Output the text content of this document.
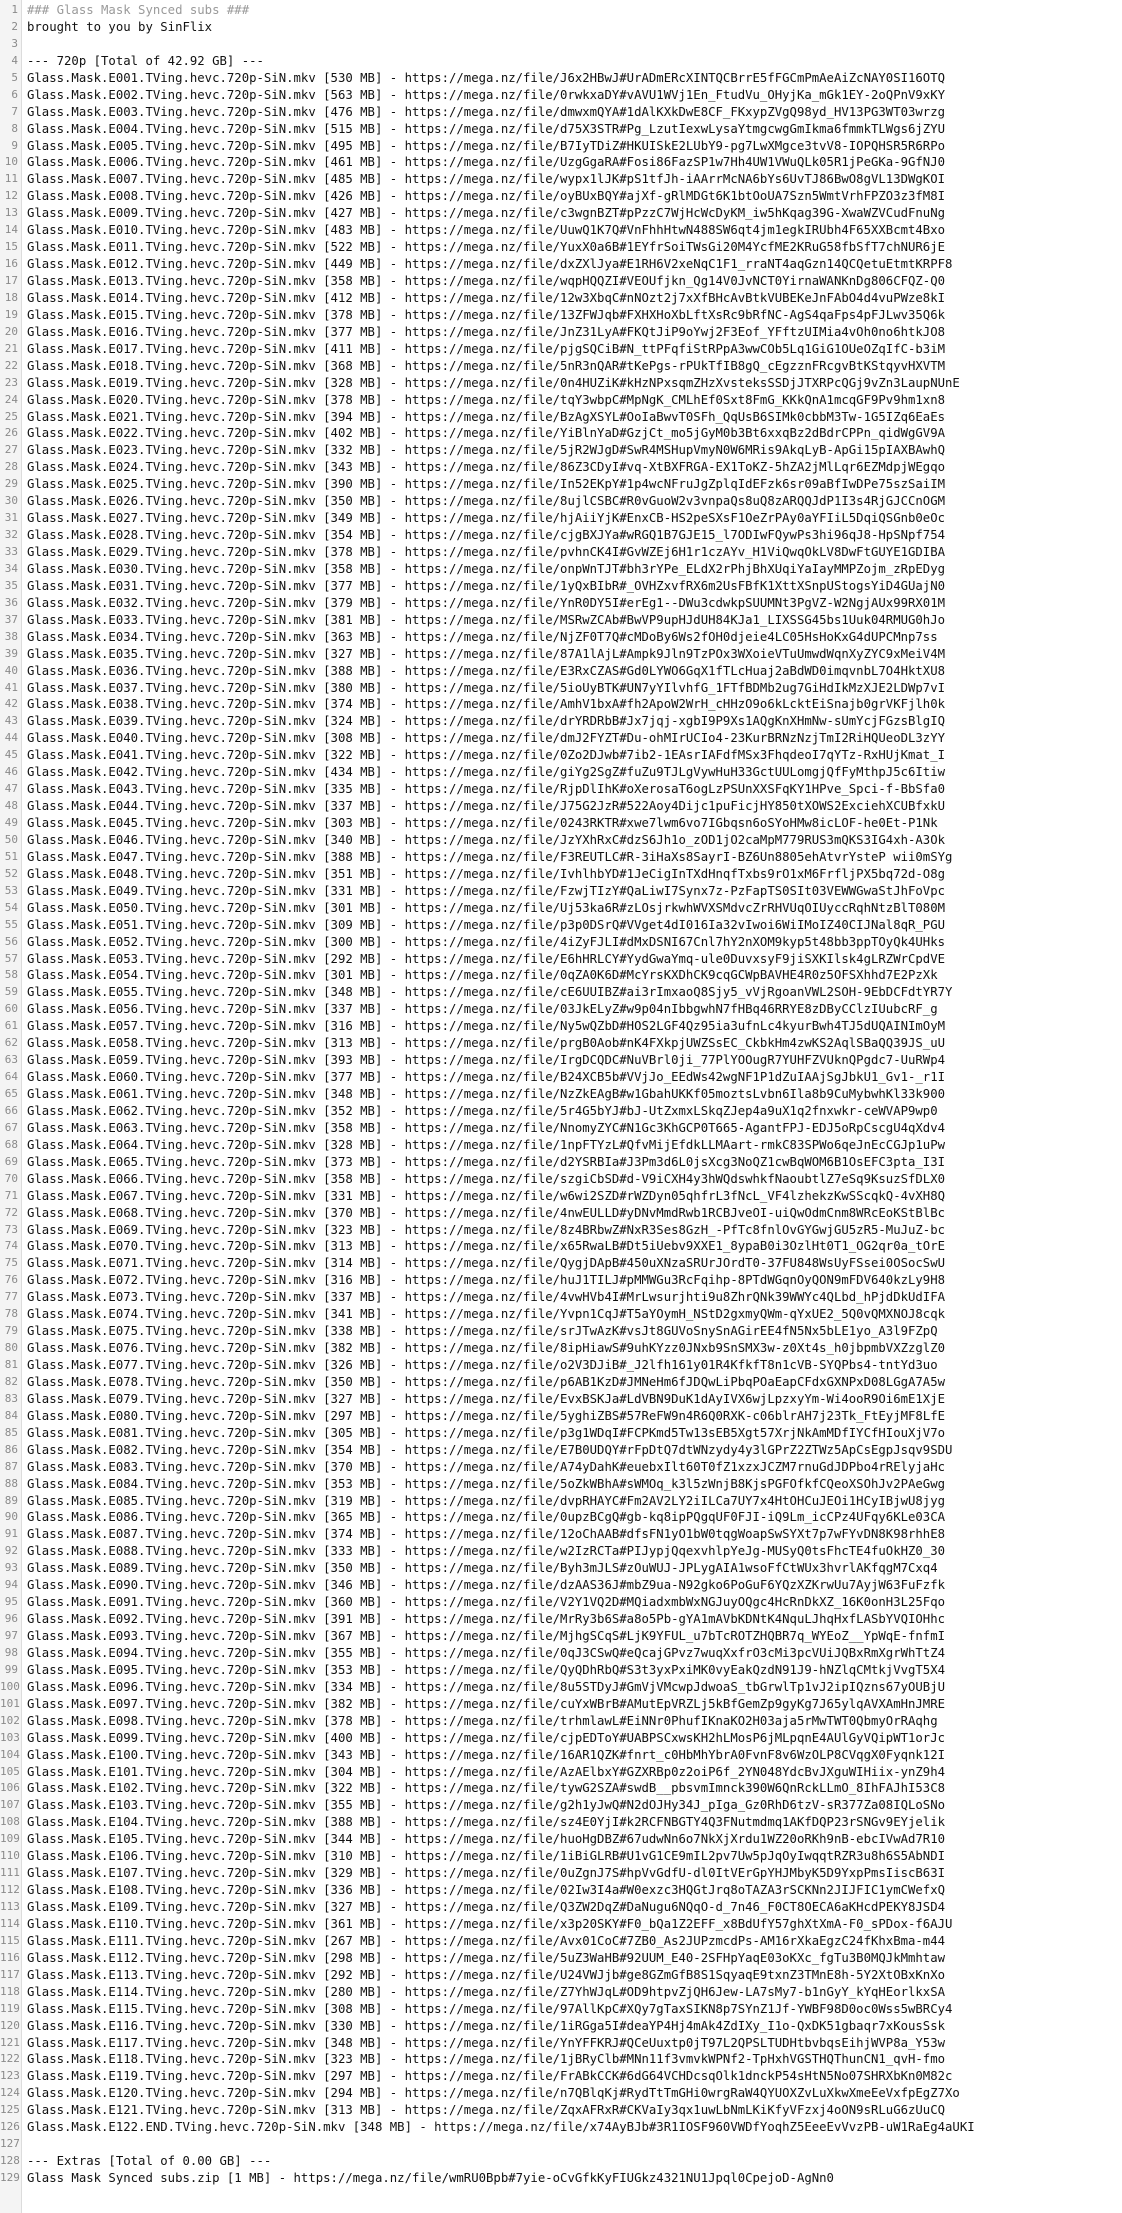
1 ### Glass Mask Synced subs ###
2 brought to you by SinFlix
3
4 --- 720p [Total of 42.92 GB] ---
5 Glass.Mask.E001.TVing.hevc.720p-SiN.mkv [530 MB] - https://mega.nz/file/J6x2HBwJ#UrADmERcXINTQCBrrE5fFGCmPmAeAiZcNAY0SI16OTQ
6 Glass.Mask.E002.TVing.hevc.720p-SiN.mkv [563 MB] - https://mega.nz/file/0rwkxaDY#vAVU1WVj1En_FtudVu_OHyjKa_mGk1EY-2oQPnV9xKY
7 Glass.Mask.E003.TVing.hevc.720p-SiN.mkv [476 MB] - https://mega.nz/file/dmwxmQYA#1dAlKXkDwE8CF_FKxypZVgQ98yd_HV13PG3WT03wrzg
8 Glass.Mask.E004.TVing.hevc.720p-SiN.mkv [515 MB] - https://mega.nz/file/d75X3STR#Pg_LzutIexwLysaYtmgcwgGmIkma6fmmkTLWgs6jZYU
9 Glass.Mask.E005.TVing.hevc.720p-SiN.mkv [495 MB] - https://mega.nz/file/B7IyTDiZ#HKUISkE2LUbY9-pg7LwXMgce3tvV8-IOPQHSR5R6RPo
10 Glass.Mask.E006.TVing.hevc.720p-SiN.mkv [461 MB] - https://mega.nz/file/UzgGgaRA#Fosi86FazSP1w7Hh4UW1VWuQLk05R1jPeGKa-9GfNJ0
11 Glass.Mask.E007.TVing.hevc.720p-SiN.mkv [485 MB] - https://mega.nz/file/wypx1lJK#pS1tfJh-iAArrMcNA6bYs6UvTJ86BwO8gVL13DWgKOI
12 Glass.Mask.E008.TVing.hevc.720p-SiN.mkv [426 MB] - https://mega.nz/file/oyBUxBQY#ajXf-gRlMDGt6K1btOoUA7Szn5WmtVrhFPZO3z3fM8I
13 Glass.Mask.E009.TVing.hevc.720p-SiN.mkv [427 MB] - https://mega.nz/file/c3wgnBZT#pPzzC7WjHcWcDyKM_iw5hKqag39G-XwaWZVCudFnuNg
14 Glass.Mask.E010.TVing.hevc.720p-SiN.mkv [483 MB] - https://mega.nz/file/UuwQ1K7Q#VnFhhHtwN488SW6qt4jm1egkIRUbh4F65XXBcmt4Bxo
15 Glass.Mask.E011.TVing.hevc.720p-SiN.mkv [522 MB] - https://mega.nz/file/YuxX0a6B#1EYfrSoiTWsGi20M4YcfME2KRuG58fbSfT7chNUR6jE
16 Glass.Mask.E012.TVing.hevc.720p-SiN.mkv [449 MB] - https://mega.nz/file/dxZXlJya#E1RH6V2xeNqC1F1_rraNT4aqGzn14QCQetuEtmtKRPF8
17 Glass.Mask.E013.TVing.hevc.720p-SiN.mkv [358 MB] - https://mega.nz/file/wqpHQQZI#VEOUfjkn_Qg14V0JvNCT0YirnaWANKnDg806CFQZ-Q0
18 Glass.Mask.E014.TVing.hevc.720p-SiN.mkv [412 MB] - https://mega.nz/file/12w3XbqC#nNOzt2j7xXfBHcAvBtkVUBEKeJnFAbO4d4vuPWze8kI
19 Glass.Mask.E015.TVing.hevc.720p-SiN.mkv [378 MB] - https://mega.nz/file/13ZFWJqb#FXHXHoXbLftXsRc9bRfNC-AgS4qaFps4pFJLwv35Q6k
20 Glass.Mask.E016.TVing.hevc.720p-SiN.mkv [377 MB] - https://mega.nz/file/JnZ31LyA#FKQtJiP9oYwj2F3Eof_YFftzUIMia4vOh0no6htkJO8
21 Glass.Mask.E017.TVing.hevc.720p-SiN.mkv [411 MB] - https://mega.nz/file/pjgSQCiB#N_ttPFqfiStRPpA3wwCOb5Lq1GiG1OUeOZqIfC-b3iM
22 Glass.Mask.E018.TVing.hevc.720p-SiN.mkv [368 MB] - https://mega.nz/file/5nR3nQAR#tKePgs-rPUkTfIB8gQ_cEgzznFRcgvBtKStqyvHXVTM
23 Glass.Mask.E019.TVing.hevc.720p-SiN.mkv [328 MB] - https://mega.nz/file/0n4HUZiK#kHzNPxsqmZHzXvsteksSSDjJTXRPcQGj9vZn3LaupNUnE
24 Glass.Mask.E020.TVing.hevc.720p-SiN.mkv [378 MB] - https://mega.nz/file/tqY3wbpC#MpNgK_CMLhEf0Sxt8FmG_KKkQnA1mcqGF9Pv9hm1xn8
25 Glass.Mask.E021.TVing.hevc.720p-SiN.mkv [394 MB] - https://mega.nz/file/BzAgXSYL#OoIaBwvT0SFh_QqUsB6SIMk0cbbM3Tw-1G5IZq6EaEs
26 Glass.Mask.E022.TVing.hevc.720p-SiN.mkv [402 MB] - https://mega.nz/file/YiBlnYaD#GzjCt_mo5jGyM0b3Bt6xxqBz2dBdrCPPn_qidWgGV9A
27 Glass.Mask.E023.TVing.hevc.720p-SiN.mkv [332 MB] - https://mega.nz/file/5jR2WJgD#SwR4MSHupVmyN0W6MRis9AkqLyB-ApGi15pIAXBAwhQ
28 Glass.Mask.E024.TVing.hevc.720p-SiN.mkv [343 MB] - https://mega.nz/file/86Z3CDyI#vq-XtBXFRGA-EX1ToKZ-5hZA2jMlLqr6EZMdpjWEgqo
29 Glass.Mask.E025.TVing.hevc.720p-SiN.mkv [390 MB] - https://mega.nz/file/In52EKpY#1p4wcNFruJgZplqIdEFzk6sr09aBfIwDPe75szSaiIM
30 Glass.Mask.E026.TVing.hevc.720p-SiN.mkv [350 MB] - https://mega.nz/file/8ujlCSBC#R0vGuoW2v3vnpaQs8uQ8zARQQJdP1I3s4RjGJCCnOGM
31 Glass.Mask.E027.TVing.hevc.720p-SiN.mkv [349 MB] - https://mega.nz/file/hjAiiYjK#EnxCB-HS2peSXsF1OeZrPAy0aYFIiL5DqiQSGnb0eOc
32 Glass.Mask.E028.TVing.hevc.720p-SiN.mkv [354 MB] - https://mega.nz/file/cjgBXJYa#wRGQ1B7GJE15_l7ODIwFQywPs3hi96qJ8-HpSNpf754
33 Glass.Mask.E029.TVing.hevc.720p-SiN.mkv [378 MB] - https://mega.nz/file/pvhnCK4I#GvWZEj6H1r1czAYv_H1ViQwqOkLV8DwFtGUYE1GDIBA
34 Glass.Mask.E030.TVing.hevc.720p-SiN.mkv [358 MB] - https://mega.nz/file/onpWnTJT#bh3rYPe_ELdX2rPhjBhXUqiYaIayMMPZojm_zRpEDyg
35 Glass.Mask.E031.TVing.hevc.720p-SiN.mkv [377 MB] - https://mega.nz/file/1yQxBIbR#_OVHZxvfRX6m2UsFBfK1XttXSnpUStogsYiD4GUajN0
36 Glass.Mask.E032.TVing.hevc.720p-SiN.mkv [379 MB] - https://mega.nz/file/YnR0DY5I#erEg1--DWu3cdwkpSUUMNt3PgVZ-W2NgjAUx99RX01M
37 Glass.Mask.E033.TVing.hevc.720p-SiN.mkv [381 MB] - https://mega.nz/file/MSRwZCAb#BwVP9upHJdUH84KJa1_LIXSSG45bs1Uuk04RMUG0hJo
38 Glass.Mask.E034.TVing.hevc.720p-SiN.mkv [363 MB] - https://mega.nz/file/NjZF0T7Q#cMDoBy6Ws2fOH0djeie4LC05HsHoKxG4dUPCMnp7ss
39 Glass.Mask.E035.TVing.hevc.720p-SiN.mkv [327 MB] - https://mega.nz/file/87A1lAjL#Ampk9Jln9TzPOx3WXoieVTuUmwdWqnXyZYC9xMeiV4M
40 Glass.Mask.E036.TVing.hevc.720p-SiN.mkv [388 MB] - https://mega.nz/file/E3RxCZAS#Gd0LYWO6GqX1fTLcHuaj2aBdWD0imqvnbL7O4HktXU8
41 Glass.Mask.E037.TVing.hevc.720p-SiN.mkv [380 MB] - https://mega.nz/file/5ioUyBTK#UN7yYIlvhfG_1FTfBDMb2ug7GiHdIkMzXJE2LDWp7vI
42 Glass.Mask.E038.TVing.hevc.720p-SiN.mkv [374 MB] - https://mega.nz/file/AmhV1bxA#fh2ApoW2WrH_cHHzO9o6kLcktEiSnajb0grVKFjlh0k
43 Glass.Mask.E039.TVing.hevc.720p-SiN.mkv [324 MB] - https://mega.nz/file/drYRDRbB#Jx7jqj-xgbI9P9Xs1AQgKnXHmNw-sUmYcjFGzsBlgIQ
44 Glass.Mask.E040.TVing.hevc.720p-SiN.mkv [308 MB] - https://mega.nz/file/dmJ2FYZT#Du-ohMIrUCIo4-23KurBRNzNzjTmI2RiHQUeoDL3zYY
45 Glass.Mask.E041.TVing.hevc.720p-SiN.mkv [322 MB] - https://mega.nz/file/0Zo2DJwb#7ib2-1EAsrIAFdfMSx3FhqdeoI7qYTz-RxHUjKmat_I
46 Glass.Mask.E042.TVing.hevc.720p-SiN.mkv [434 MB] - https://mega.nz/file/giYg2SgZ#fuZu9TJLgVywHuH33GctUULomgjQfFyMthpJ5c6Itiw
47 Glass.Mask.E043.TVing.hevc.720p-SiN.mkv [335 MB] - https://mega.nz/file/RjpDlIhK#oXerosaT6ogLzPSUnXXSFqKY1HPve_Spci-f-BbSfa0
48 Glass.Mask.E044.TVing.hevc.720p-SiN.mkv [337 MB] - https://mega.nz/file/J75G2JzR#522Aoy4Dijc1puFicjHY850tXOWS2ExciehXCUBfxkU
49 Glass.Mask.E045.TVing.hevc.720p-SiN.mkv [303 MB] - https://mega.nz/file/0243RKTR#xwe7lwm6vo7IGbqsn6oSYoHMw8icLOF-he0Et-P1Nk
50 Glass.Mask.E046.TVing.hevc.720p-SiN.mkv [340 MB] - https://mega.nz/file/JzYXhRxC#dzS6Jh1o_zOD1jO2caMpM779RUS3mQKS3IG4xh-A3Ok
51 Glass.Mask.E047.TVing.hevc.720p-SiN.mkv [388 MB] - https://mega.nz/file/F3REUTLC#R-3iHaXs8SayrI-BZ6Un8805ehAtvrYsteP wii0mSYg
52 Glass.Mask.E048.TVing.hevc.720p-SiN.mkv [351 MB] - https://mega.nz/file/IvhlhbYD#1JeCigInTXdHnqfTxbs9rO1xM6FrfljPX5bq72d-O8g
53 Glass.Mask.E049.TVing.hevc.720p-SiN.mkv [331 MB] - https://mega.nz/file/FzwjTIzY#QaLiwI7Synx7z-PzFapTS0SIt03VEWWGwaStJhFoVpc
54 Glass.Mask.E050.TVing.hevc.720p-SiN.mkv [301 MB] - https://mega.nz/file/Uj53ka6R#zLOsjrkwhWVXSMdvcZrRHVUqOIUyccRqhNtzBlT080M
55 Glass.Mask.E051.TVing.hevc.720p-SiN.mkv [309 MB] - https://mega.nz/file/p3p0DSrQ#VVget4dI016Ia32vIwoi6WiIMoIZ40CIJNal8qR_PGU
56 Glass.Mask.E052.TVing.hevc.720p-SiN.mkv [300 MB] - https://mega.nz/file/4iZyFJLI#dMxDSNI67Cnl7hY2nXOM9kyp5t48bb3ppTOyQk4UHks
57 Glass.Mask.E053.TVing.hevc.720p-SiN.mkv [292 MB] - https://mega.nz/file/E6hHRLCY#YydGwaYmq-ule0DuvxsyF9jiSXKIlsk4gLRZWrCpdVE
58 Glass.Mask.E054.TVing.hevc.720p-SiN.mkv [301 MB] - https://mega.nz/file/0qZA0K6D#McYrsKXDhCK9cqGCWpBAVHE4R0z5OFSXhhd7E2PzXk
59 Glass.Mask.E055.TVing.hevc.720p-SiN.mkv [348 MB] - https://mega.nz/file/cE6UUIBZ#ai3rImxaoQ8Sjy5_vVjRgoanVWL2SOH-9EbDCFdtYR7Y
60 Glass.Mask.E056.TVing.hevc.720p-SiN.mkv [337 MB] - https://mega.nz/file/03JkELyZ#w9p04nIbbgwhN7fHBq46RRYE8zDByCClzIUubcRF_g
61 Glass.Mask.E057.TVing.hevc.720p-SiN.mkv [316 MB] - https://mega.nz/file/Ny5wQZbD#HOS2LGF4Qz95ia3ufnLc4kyurBwh4TJ5dUQAINImOyM
62 Glass.Mask.E058.TVing.hevc.720p-SiN.mkv [313 MB] - https://mega.nz/file/prgB0Aob#nK4FXkpjUWZSsEC_CkbkHm4zwKS2AqlSBaQQ39JS_uU
63 Glass.Mask.E059.TVing.hevc.720p-SiN.mkv [393 MB] - https://mega.nz/file/IrgDCQDC#NuVBrl0ji_77PlYOOugR7YUHFZVUknQPgdc7-UuRWp4
64 Glass.Mask.E060.TVing.hevc.720p-SiN.mkv [377 MB] - https://mega.nz/file/B24XCB5b#VVjJo_EEdWs42wgNF1P1dZuIAAjSgJbkU1_Gv1-_r1I
65 Glass.Mask.E061.TVing.hevc.720p-SiN.mkv [348 MB] - https://mega.nz/file/NzZkEAgB#w1GbahUKKf05moztsLvbn6Ila8b9CuMybwhKl33k900
66 Glass.Mask.E062.TVing.hevc.720p-SiN.mkv [352 MB] - https://mega.nz/file/5r4G5bYJ#bJ-UtZxmxLSkqZJep4a9uX1q2fnxwkr-ceWVAP9wp0
67 Glass.Mask.E063.TVing.hevc.720p-SiN.mkv [358 MB] - https://mega.nz/file/NnomyZYC#N1Gc3KhGCP0T665-AgantFPJ-EDJ5oRpCscgU4qXdv4
68 Glass.Mask.E064.TVing.hevc.720p-SiN.mkv [328 MB] - https://mega.nz/file/1npFTYzL#QfvMijEfdkLLMAart-rmkC83SPWo6qeJnEcCGJp1uPw
69 Glass.Mask.E065.TVing.hevc.720p-SiN.mkv [373 MB] - https://mega.nz/file/d2YSRBIa#J3Pm3d6L0jsXcg3NoQZ1cwBqWOM6B1OsEFC3pta_I3I
70 Glass.Mask.E066.TVing.hevc.720p-SiN.mkv [358 MB] - https://mega.nz/file/szgiCbSD#d-V9iCXH4y3hWQdswhkfNaoubtlZ7eSq9KsuzSfDLX0
71 Glass.Mask.E067.TVing.hevc.720p-SiN.mkv [331 MB] - https://mega.nz/file/w6wi2SZD#rWZDyn05qhfrL3fNcL_VF4lzhekzKwSScqkQ-4vXH8Q
72 Glass.Mask.E068.TVing.hevc.720p-SiN.mkv [370 MB] - https://mega.nz/file/4nwEULLD#yDNvMmdRwb1RCBJveOI-uiQwOdmCnm8WRcEoKStBlBc
73 Glass.Mask.E069.TVing.hevc.720p-SiN.mkv [323 MB] - https://mega.nz/file/8z4BRbwZ#NxR3Ses8GzH_-PfTc8fnlOvGYGwjGU5zR5-MuJuZ-bc
74 Glass.Mask.E070.TVing.hevc.720p-SiN.mkv [313 MB] - https://mega.nz/file/x65RwaLB#Dt5iUebv9XXE1_8ypaB0i3OzlHt0T1_OG2qr0a_tOrE
75 Glass.Mask.E071.TVing.hevc.720p-SiN.mkv [314 MB] - https://mega.nz/file/QygjDApB#450uXNzaSRUrJOrdT0-37FU848WsUyFSsei0OSocSwU
76 Glass.Mask.E072.TVing.hevc.720p-SiN.mkv [316 MB] - https://mega.nz/file/huJ1TILJ#pMMWGu3RcFqihp-8PTdWGqnOyQON9mFDV640kzLy9H8
77 Glass.Mask.E073.TVing.hevc.720p-SiN.mkv [337 MB] - https://mega.nz/file/4vwHVb4I#MrLwsurjhti9u8ZhrQNk39WWYc4QLbd_hPjdDkUdIFA
78 Glass.Mask.E074.TVing.hevc.720p-SiN.mkv [341 MB] - https://mega.nz/file/Yvpn1CqJ#T5aYOymH_NStD2gxmyQWm-qYxUE2_5Q0vQMXNOJ8cqk
79 Glass.Mask.E075.TVing.hevc.720p-SiN.mkv [338 MB] - https://mega.nz/file/srJTwAzK#vsJt8GUVoSnySnAGirEE4fN5Nx5bLE1yo_A3l9FZpQ
80 Glass.Mask.E076.TVing.hevc.720p-SiN.mkv [382 MB] - https://mega.nz/file/8ipHiawS#9uhKYzz0JNxb9SnSMX3w-z0Xt4s_h0jbpmbVXZzglZ0
81 Glass.Mask.E077.TVing.hevc.720p-SiN.mkv [326 MB] - https://mega.nz/file/o2V3DJiB#_J2lfh161y01R4KfkfT8n1cVB-SYQPbs4-tntYd3uo
82 Glass.Mask.E078.TVing.hevc.720p-SiN.mkv [350 MB] - https://mega.nz/file/p6AB1KzD#JMNeHm6fJDQwLiPbqPOaEapCFdxGXNPxD08LGgA7A5w
83 Glass.Mask.E079.TVing.hevc.720p-SiN.mkv [327 MB] - https://mega.nz/file/EvxBSKJa#LdVBN9DuK1dAyIVX6wjLpzxyYm-Wi4ooR9Oi6mE1XjE
84 Glass.Mask.E080.TVing.hevc.720p-SiN.mkv [297 MB] - https://mega.nz/file/5yghiZBS#57ReFW9n4R6Q0RXK-c06blrAH7j23Tk_FtEyjMF8LfE
85 Glass.Mask.E081.TVing.hevc.720p-SiN.mkv [305 MB] - https://mega.nz/file/p3g1WDqI#FCPKmd5Tw13sEB5Xgt57XrjNkAmMDfIYCfHIouXjV7o
86 Glass.Mask.E082.TVing.hevc.720p-SiN.mkv [354 MB] - https://mega.nz/file/E7B0UDQY#rFpDtQ7dtWNzydy4y3lGPrZ2ZTWz5ApCsEgpJsqv9SDU
87 Glass.Mask.E083.TVing.hevc.720p-SiN.mkv [370 MB] - https://mega.nz/file/A74yDahK#euebxIlt60T0fZ1xzxJCZM7rnuGdJDPbo4rRElyjaHc
88 Glass.Mask.E084.TVing.hevc.720p-SiN.mkv [353 MB] - https://mega.nz/file/5oZkWBhA#sWMOq_k3l5zWnjB8KjsPGFOfkfCQeoXSOhJv2PAeGwg
89 Glass.Mask.E085.TVing.hevc.720p-SiN.mkv [319 MB] - https://mega.nz/file/dvpRHAYC#Fm2AV2LY2iILCa7UY7x4HtOHCuJEOi1HCyIBjwU8jyg
90 Glass.Mask.E086.TVing.hevc.720p-SiN.mkv [365 MB] - https://mega.nz/file/0upzBCgQ#gb-kq8ipPQgqUF0FJI-iQ9Lm_icCPz4UFqy6KLe03CA
91 Glass.Mask.E087.TVing.hevc.720p-SiN.mkv [374 MB] - https://mega.nz/file/12oChAAB#dfsFN1yO1bW0tqgWoapSwSYXt7p7wFYvDN8K98rhhE8
92 Glass.Mask.E088.TVing.hevc.720p-SiN.mkv [333 MB] - https://mega.nz/file/w2IzRCTa#PIJypjQqexvhlpYeJg-MUSyQ0tsFhcTE4fuOkHZ0_30
93 Glass.Mask.E089.TVing.hevc.720p-SiN.mkv [350 MB] - https://mega.nz/file/Byh3mJLS#zOuWUJ-JPLygAIA1wsoFfCtWUx3hvrlAKfqgM7Cxq4
94 Glass.Mask.E090.TVing.hevc.720p-SiN.mkv [346 MB] - https://mega.nz/file/dzAAS36J#mbZ9ua-N92gko6PoGuF6YQzXZKrwUu7AyjW63FuFzfk
95 Glass.Mask.E091.TVing.hevc.720p-SiN.mkv [360 MB] - https://mega.nz/file/V2Y1VQ2D#MQiadxmbWxNGJuyOQgc4HcRnDkXZ_16K0onH3L25Fqo
96 Glass.Mask.E092.TVing.hevc.720p-SiN.mkv [391 MB] - https://mega.nz/file/MrRy3b6S#a8o5Pb-gYA1mAVbKDNtK4NquLJhqHxfLASbYVQIOHhc
97 Glass.Mask.E093.TVing.hevc.720p-SiN.mkv [367 MB] - https://mega.nz/file/MjhgSCqS#LjK9YFUL_u7bTcROTZHQBR7q_WYEoZ__YpWqE-fnfmI
98 Glass.Mask.E094.TVing.hevc.720p-SiN.mkv [355 MB] - https://mega.nz/file/0qJ3CSwQ#eQcajGPvz7wuqXxfrO3cMi3pcVUiJQBxRmXgrWhTtZ4
99 Glass.Mask.E095.TVing.hevc.720p-SiN.mkv [353 MB] - https://mega.nz/file/QyQDhRbQ#S3t3yxPxiMK0vyEakQzdN91J9-hNZlqCMtkjVvgT5X4
100 Glass.Mask.E096.TVing.hevc.720p-SiN.mkv [334 MB] - https://mega.nz/file/8u5STDyJ#GmVjVMcwpJdwoaS_tbGrwlTp1vJ2ipIQzns67yOUBjU
101 Glass.Mask.E097.TVing.hevc.720p-SiN.mkv [382 MB] - https://mega.nz/file/cuYxWBrB#AMutEpVRZLj5kBfGemZp9gyKg7J65ylqAVXAmHnJMRE
102 Glass.Mask.E098.TVing.hevc.720p-SiN.mkv [378 MB] - https://mega.nz/file/trhmlawL#EiNNr0PhufIKnaKO2H03aja5rMwTWT0QbmyOrRAqhg
103 Glass.Mask.E099.TVing.hevc.720p-SiN.mkv [400 MB] - https://mega.nz/file/cjpEDToY#UABPSCxwsKH2hLMosP6jMLpqnE4AUlGyVQipWT1orJc
104 Glass.Mask.E100.TVing.hevc.720p-SiN.mkv [343 MB] - https://mega.nz/file/16AR1QZK#fnrt_c0HbMhYbrA0FvnF8v6WzOLP8CVqgX0Fyqnk12I
105 Glass.Mask.E101.TVing.hevc.720p-SiN.mkv [304 MB] - https://mega.nz/file/AzAElbxY#GZXRBp0z2oiP6f_2YN048YdcBvJXguWIHiix-ynZ9h4
106 Glass.Mask.E102.TVing.hevc.720p-SiN.mkv [322 MB] - https://mega.nz/file/tywG2SZA#swdB__pbsvmImnck390W6QnRckLLmO_8IhFAJhI53C8
107 Glass.Mask.E103.TVing.hevc.720p-SiN.mkv [355 MB] - https://mega.nz/file/g2h1yJwQ#N2dOJHy34J_pIga_Gz0RhD6tzV-sR377Za08IQLoSNo
108 Glass.Mask.E104.TVing.hevc.720p-SiN.mkv [388 MB] - https://mega.nz/file/sz4E0YjI#k2RCFNBGTY4Q3FNutmdmq1AKfDQP23rSNGv9EYjelik
109 Glass.Mask.E105.TVing.hevc.720p-SiN.mkv [344 MB] - https://mega.nz/file/huoHgDBZ#67udwNn6o7NkXjXrdu1WZ20oRKh9nB-ebcIVwAd7R10
110 Glass.Mask.E106.TVing.hevc.720p-SiN.mkv [310 MB] - https://mega.nz/file/1iBiGLRB#U1vG1CE9mIL2pv7Uw5pJqOyIwqqtRZR3u8h6S5AbNDI
111 Glass.Mask.E107.TVing.hevc.720p-SiN.mkv [329 MB] - https://mega.nz/file/0uZgnJ7S#hpVvGdfU-dl0ItVErGpYHJMbyK5D9YxpPmsIiscB63I
112 Glass.Mask.E108.TVing.hevc.720p-SiN.mkv [336 MB] - https://mega.nz/file/02Iw3I4a#W0exzc3HQGtJrq8oTAZA3rSCKNn2JIJFIC1ymCWefxQ
113 Glass.Mask.E109.TVing.hevc.720p-SiN.mkv [327 MB] - https://mega.nz/file/Q3ZW2DqZ#DaNugu6NQqO-d_7n46_F0CT8OECA6aKHcdPEKY8JSD4
114 Glass.Mask.E110.TVing.hevc.720p-SiN.mkv [361 MB] - https://mega.nz/file/x3p20SKY#F0_bQa1Z2EFF_x8BdUfY57ghXtXmA-F0_sPDox-f6AJU
115 Glass.Mask.E111.TVing.hevc.720p-SiN.mkv [267 MB] - https://mega.nz/file/Avx01CoC#7ZB0_As2JUPzmcdPs-AM16rXkaEgzC24fKhxBma-m44
116 Glass.Mask.E112.TVing.hevc.720p-SiN.mkv [298 MB] - https://mega.nz/file/5uZ3WaHB#92UUM_E40-2SFHpYaqE03oKXc_fgTu3B0MQJkMmhtaw
117 Glass.Mask.E113.TVing.hevc.720p-SiN.mkv [292 MB] - https://mega.nz/file/U24VWJjb#ge8GZmGfB8S1SqyaqE9txnZ3TMnE8h-5Y2XtOBxKnXo
118 Glass.Mask.E114.TVing.hevc.720p-SiN.mkv [280 MB] - https://mega.nz/file/Z7YhWJqL#OD9htpvZjQH6Jew-LA7sMy7-b1nGyY_kYqHEorlkxSA
119 Glass.Mask.E115.TVing.hevc.720p-SiN.mkv [308 MB] - https://mega.nz/file/97AllKpC#XQy7gTaxSIKN8p7SYnZ1Jf-YWBF98D0oc0Wss5wBRCy4
120 Glass.Mask.E116.TVing.hevc.720p-SiN.mkv [330 MB] - https://mega.nz/file/1iRGga5I#deaYP4Hj4mAk4ZdIXy_I1o-QxDK51gbaqr7xKousSsk
121 Glass.Mask.E117.TVing.hevc.720p-SiN.mkv [348 MB] - https://mega.nz/file/YnYFFKRJ#QCeUuxtp0jT97L2QPSLTUDHtbvbqsEihjWVP8a_Y53w
122 Glass.Mask.E118.TVing.hevc.720p-SiN.mkv [323 MB] - https://mega.nz/file/1jBRyClb#MNn11f3vmvkWPNf2-TpHxhVGSTHQThunCN1_qvH-fmo
123 Glass.Mask.E119.TVing.hevc.720p-SiN.mkv [297 MB] - https://mega.nz/file/FrABkCCK#6dG64VCHDcsqOlk1dnckP54sHtN5No07SHRXbKn0M82c
124 Glass.Mask.E120.TVing.hevc.720p-SiN.mkv [294 MB] - https://mega.nz/file/n7QBlqKj#RydTtTmGHi0wrgRaW4QYUOXZvLuXkwXmeEeVxfpEgZ7Xo
125 Glass.Mask.E121.TVing.hevc.720p-SiN.mkv [313 MB] - https://mega.nz/file/ZqxAFRxR#CKVaIy3qx1uwLbNmLKiKfyVFzxj4oON9sRLuG6zUuCQ
126 Glass.Mask.E122.END.TVing.hevc.720p-SiN.mkv [348 MB] - https://mega.nz/file/x74AyBJb#3R1IOSF960VWDfYoqhZ5EeeEvVvzPB-uW1RaEg4aUKI
127
128 --- Extras [Total of 0.00 GB] ---
129 Glass Mask Synced subs.zip [1 MB] - https://mega.nz/file/wmRU0Bpb#7yie-oCvGfkKyFIUGkz4321NU1Jpql0CpejoD-AgNn0
